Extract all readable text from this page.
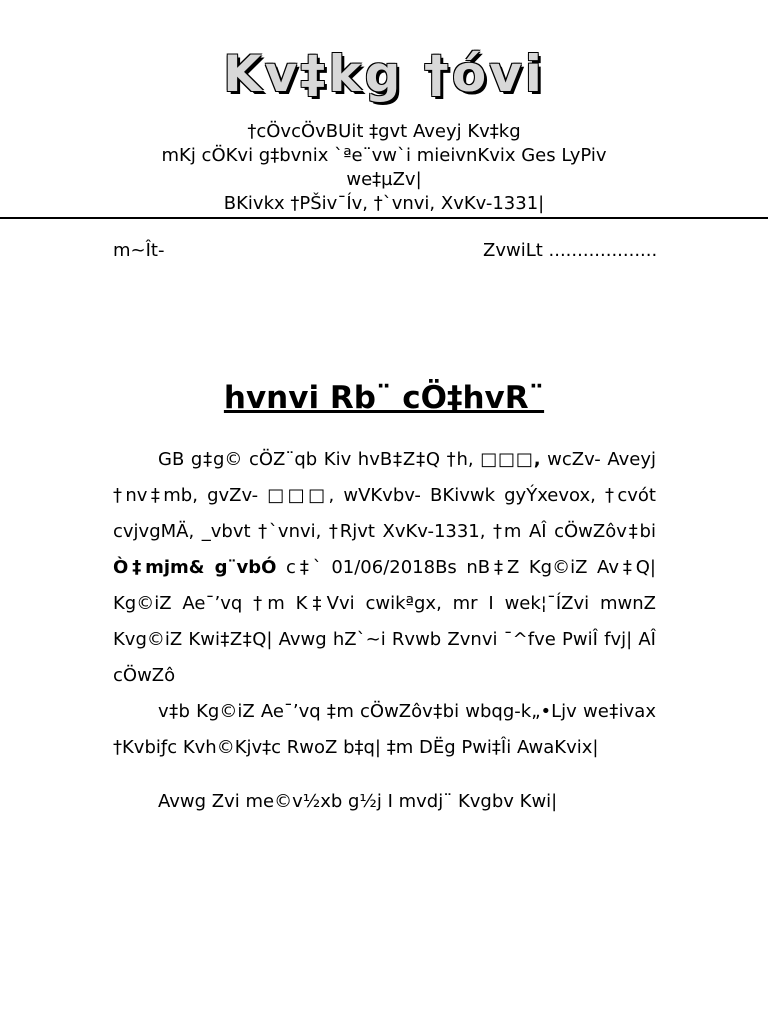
Kv‡kg †óvi
†cÖvcÖvBUit ‡gvt Aveyj Kv‡kg
mKj cÖKvi g‡bvnix `ªe¨vw`i mieivnKvix Ges LyPiv
we‡µZv|
BKivkx †PŠiv¯Ív, †`vnvi, XvKv-1331|
m~Ît-	ZvwiLt ...................
hvnvi Rb¨ cÖ‡hvR¨

GB g‡g© cÖZ¨qb Kiv hvB‡Z‡Q †h, □□□, wcZv- Aveyj †nv‡mb, gvZv- □□□, wVKvbv- BKivwk gyÝxevox, †cvót cvjvgMÄ, _vbvt †`vnvi, †Rjvt XvKv-1331, †m AÎ cÖwZôv‡bi Ò‡mjm& g¨vbÓ c‡` 01/06/2018Bs nB‡Z Kg©iZ Av‡Q| Kg©iZ Ae¯’vq †m K‡Vvi cwikªgx, mr I wek¦¯ÍZvi mwnZ Kvg©iZ Kwi‡Z‡Q| Avwg hZ`~i Rvwb Zvnvi ¯^fve PwiÎ fvj| AÎ cÖwZô

v‡b Kg©iZ Ae¯’vq ‡m cÖwZôv‡bi wbqg-k„•Ljv we‡ivax †Kvbiƒc Kvh©Kjv‡c RwoZ b‡q| ‡m DËg Pwi‡Îi AwaKvix|

Avwg Zvi me©v½xb g½j I mvdj¨ Kvgbv Kwi|
